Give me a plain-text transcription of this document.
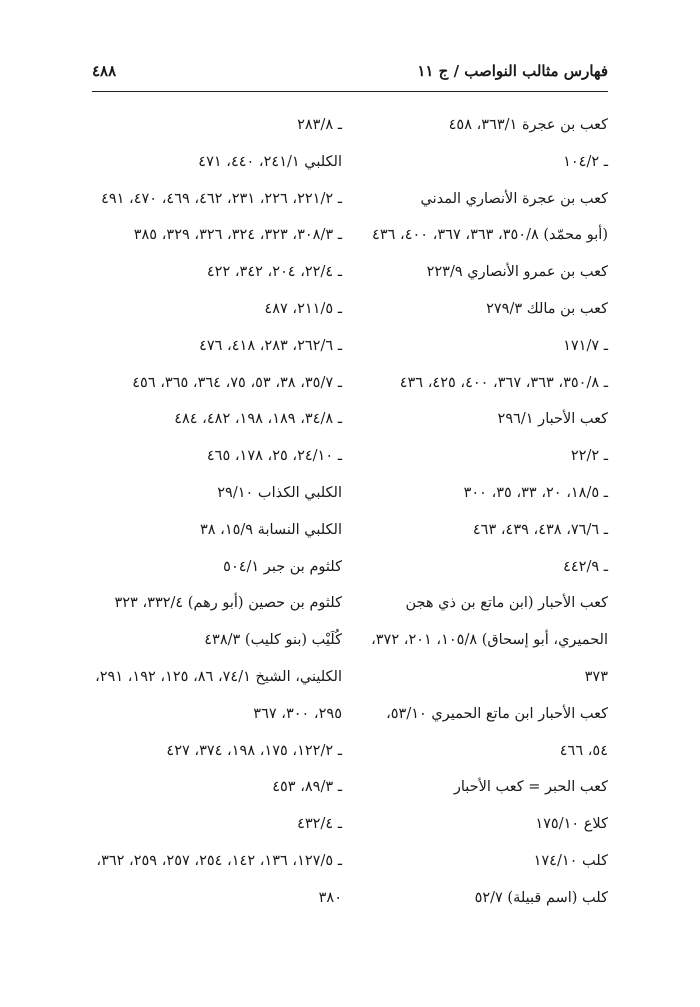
٤٨٨	فهارس مثالب النواصب / ج ١١
كعب بن عجرة ٣٦٣/١، ٤٥٨
ـ ١٠٤/٢
كعب بن عجرة الأنصاري المدني
(أبو محمّد) ٣٥٠/٨، ٣٦٣، ٣٦٧، ٤٠٠، ٤٣٦
كعب بن عمرو الأنصاري ٢٢٣/٩
كعب بن مالك ٢٧٩/٣
ـ ١٧١/٧
ـ ٣٥٠/٨، ٣٦٣، ٣٦٧، ٤٠٠، ٤٢٥، ٤٣٦
كعب الأحبار ٢٩٦/١
ـ ٢٢/٢
ـ ١٨/٥، ٢٠، ٣٣، ٣٥، ٣٠٠
ـ ٧٦/٦، ٤٣٨، ٤٣٩، ٤٦٣
ـ ٤٤٢/٩
كعب الأحبار (ابن ماتع بن ذي هجن
الحميري، أبو إسحاق) ١٠٥/٨، ٢٠١، ٣٧٢،
٣٧٣
كعب الأحبار ابن ماتع الحميري ٥٣/١٠،
٥٤، ٤٦٦
كعب الحبر = كعب الأحبار
كلاع ١٧٥/١٠
كلب ١٧٤/١٠
كلب (اسم قبيلة) ٥٢/٧
ـ ٢٨٣/٨
الكلبي ٢٤١/١، ٤٤٠، ٤٧١
ـ ٢٢١/٢، ٢٢٦، ٢٣١، ٤٦٢، ٤٦٩، ٤٧٠، ٤٩١
ـ ٣٠٨/٣، ٣٢٣، ٣٢٤، ٣٢٦، ٣٢٩، ٣٨٥
ـ ٢٢/٤، ٢٠٤، ٣٤٢، ٤٢٢
ـ ٢١١/٥، ٤٨٧
ـ ٢٦٢/٦، ٢٨٣، ٤١٨، ٤٧٦
ـ ٣٥/٧، ٣٨، ٥٣، ٧٥، ٣٦٤، ٣٦٥، ٤٥٦
ـ ٣٤/٨، ١٨٩، ١٩٨، ٤٨٢، ٤٨٤
ـ ٢٤/١٠، ٢٥، ١٧٨، ٤٦٥
الكلبي الكذاب ٢٩/١٠
الكلبي النسابة ١٥/٩، ٣٨
كلثوم بن جبر ٥٠٤/١
كلثوم بن حصين (أبو رهم) ٣٣٢/٤، ٣٢٣
كُلَيْب (بنو كليب) ٤٣٨/٣
الكليني، الشيخ ٧٤/١، ٨٦، ١٢٥، ١٩٢، ٢٩١،
٢٩٥، ٣٠٠، ٣٦٧
ـ ١٢٢/٢، ١٧٥، ١٩٨، ٣٧٤، ٤٢٧
ـ ٨٩/٣، ٤٥٣
ـ ٤٣٢/٤
ـ ١٢٧/٥، ١٣٦، ١٤٢، ٢٥٤، ٢٥٧، ٢٥٩، ٣٦٢،
٣٨٠
